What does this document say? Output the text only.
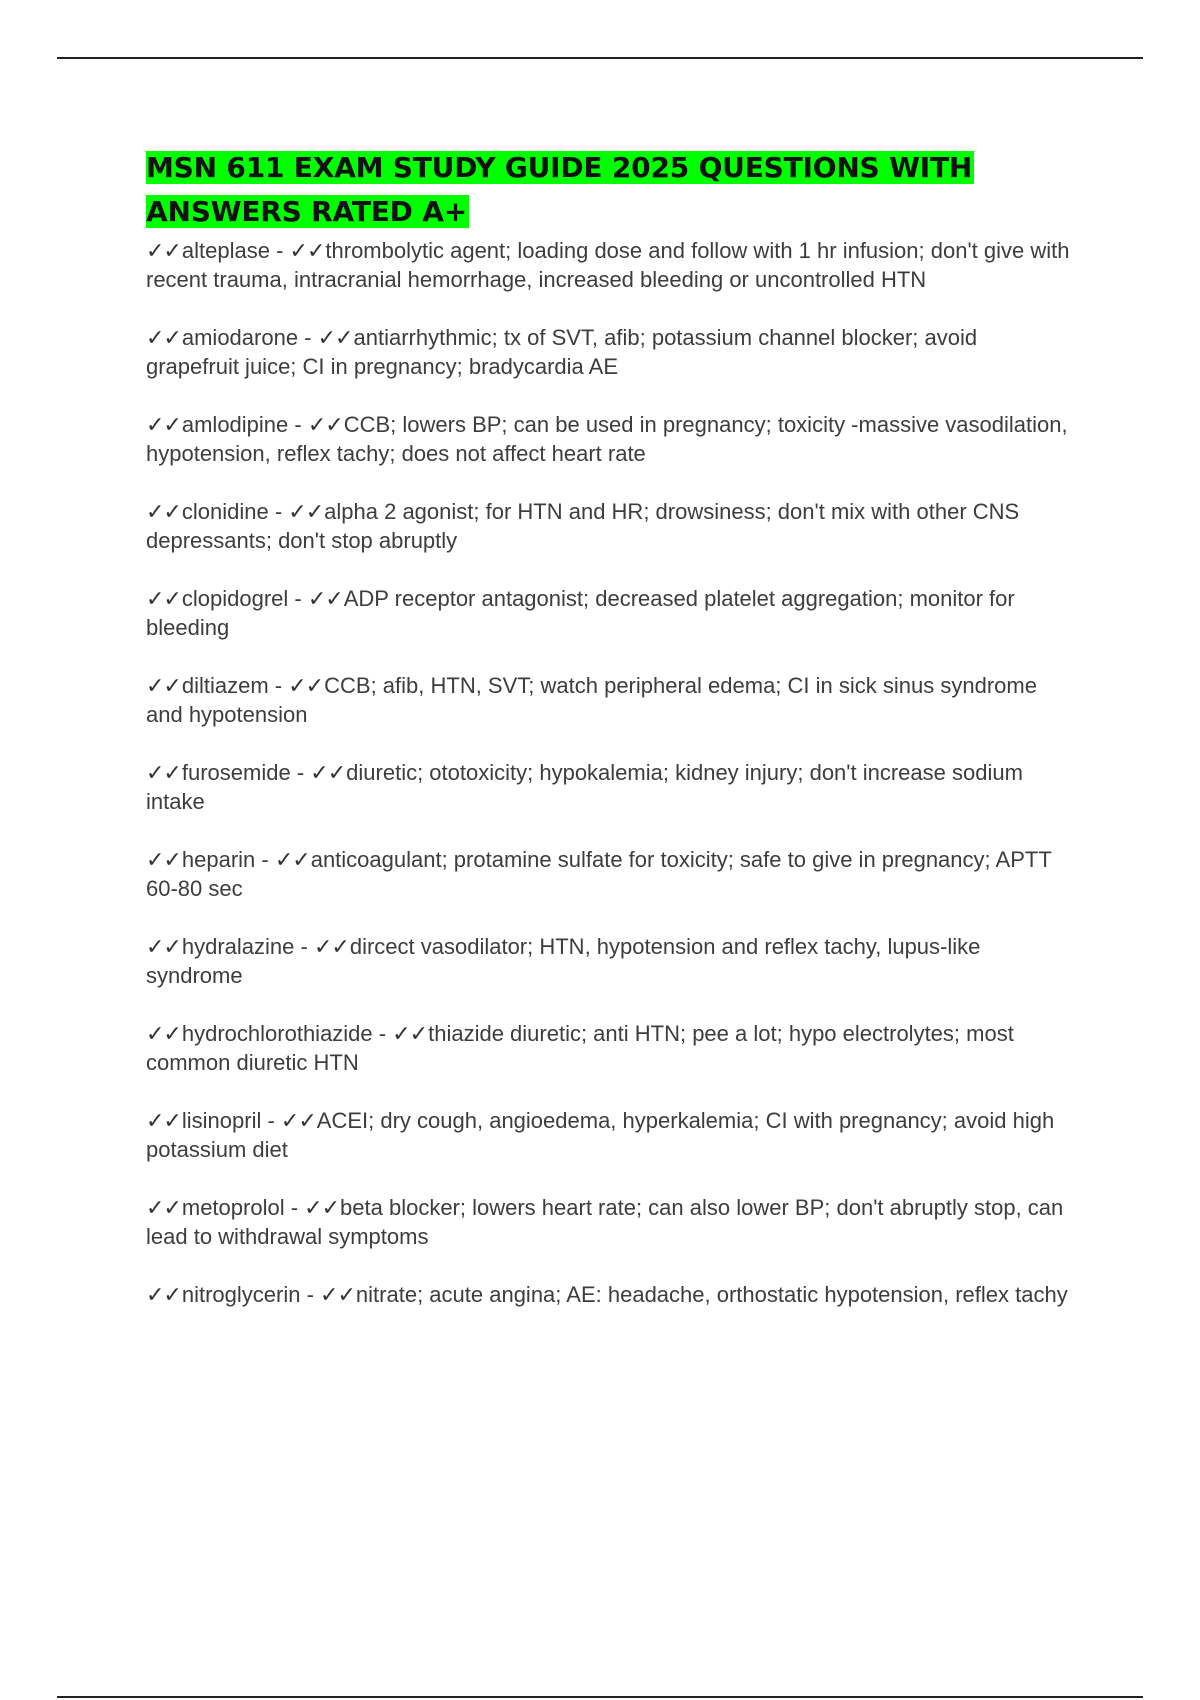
MSN 611 EXAM STUDY GUIDE 2025 QUESTIONS WITH ANSWERS RATED A+
✓✓alteplase - ✓✓thrombolytic agent; loading dose and follow with 1 hr infusion; don't give with recent trauma, intracranial hemorrhage, increased bleeding or uncontrolled HTN
✓✓amiodarone - ✓✓antiarrhythmic; tx of SVT, afib; potassium channel blocker; avoid grapefruit juice; CI in pregnancy; bradycardia AE
✓✓amlodipine - ✓✓CCB; lowers BP; can be used in pregnancy; toxicity -massive vasodilation, hypotension, reflex tachy; does not affect heart rate
✓✓clonidine - ✓✓alpha 2 agonist; for HTN and HR; drowsiness; don't mix with other CNS depressants; don't stop abruptly
✓✓clopidogrel - ✓✓ADP receptor antagonist; decreased platelet aggregation; monitor for bleeding
✓✓diltiazem - ✓✓CCB; afib, HTN, SVT; watch peripheral edema; CI in sick sinus syndrome and hypotension
✓✓furosemide - ✓✓diuretic; ototoxicity; hypokalemia; kidney injury; don't increase sodium intake
✓✓heparin - ✓✓anticoagulant; protamine sulfate for toxicity; safe to give in pregnancy; APTT 60-80 sec
✓✓hydralazine - ✓✓dircect vasodilator; HTN, hypotension and reflex tachy, lupus-like syndrome
✓✓hydrochlorothiazide - ✓✓thiazide diuretic; anti HTN; pee a lot; hypo electrolytes; most common diuretic HTN
✓✓lisinopril - ✓✓ACEI; dry cough, angioedema, hyperkalemia; CI with pregnancy; avoid high potassium diet
✓✓metoprolol - ✓✓beta blocker; lowers heart rate; can also lower BP; don't abruptly stop, can lead to withdrawal symptoms
✓✓nitroglycerin - ✓✓nitrate; acute angina; AE: headache, orthostatic hypotension, reflex tachy
